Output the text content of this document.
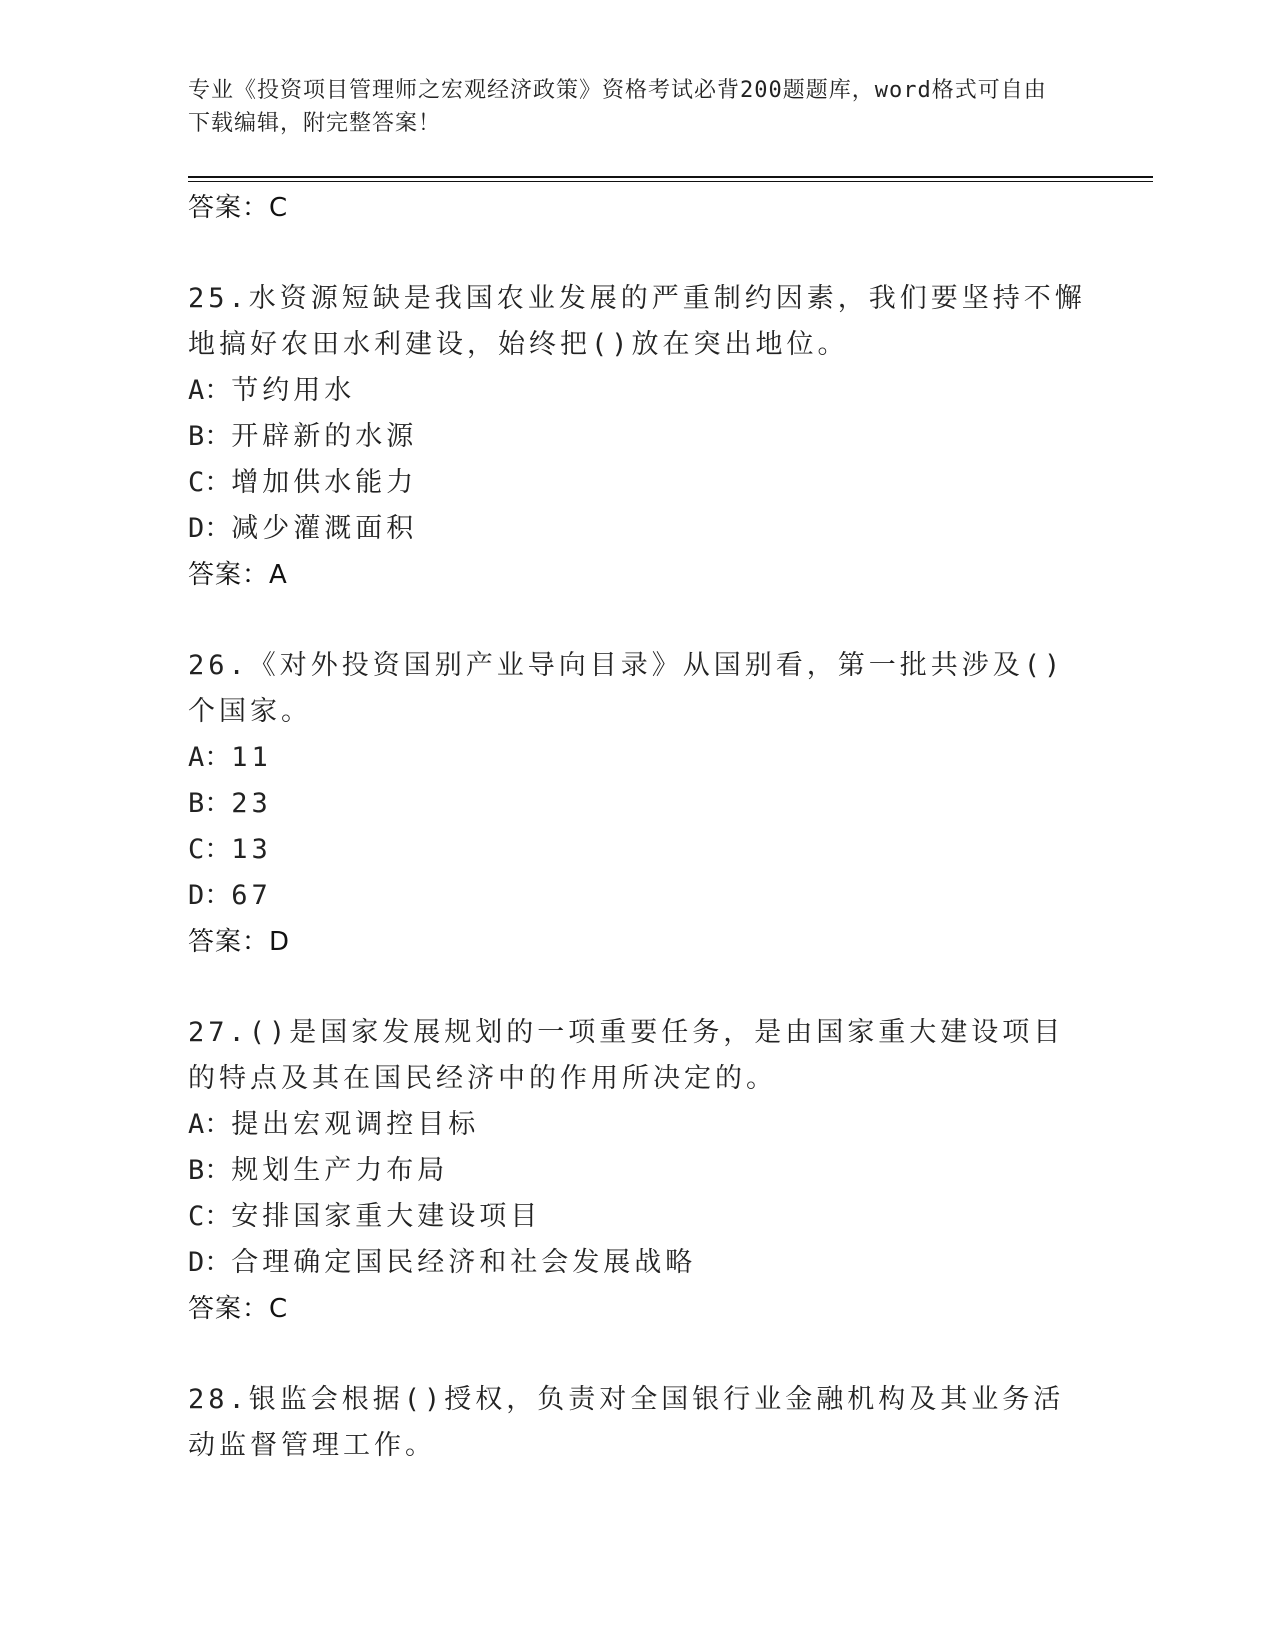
专业《投资项目管理师之宏观经济政策》资格考试必背200题题库，word格式可自由下载编辑，附完整答案！
答案：C
25.水资源短缺是我国农业发展的严重制约因素，我们要坚持不懈地搞好农田水利建设，始终把()放在突出地位。
A：节约用水
B：开辟新的水源
C：增加供水能力
D：减少灌溉面积
答案：A
26.《对外投资国别产业导向目录》从国别看，第一批共涉及()个国家。
A：11
B：23
C：13
D：67
答案：D
27.()是国家发展规划的一项重要任务，是由国家重大建设项目的特点及其在国民经济中的作用所决定的。
A：提出宏观调控目标
B：规划生产力布局
C：安排国家重大建设项目
D：合理确定国民经济和社会发展战略
答案：C
28.银监会根据()授权，负责对全国银行业金融机构及其业务活动监督管理工作。
